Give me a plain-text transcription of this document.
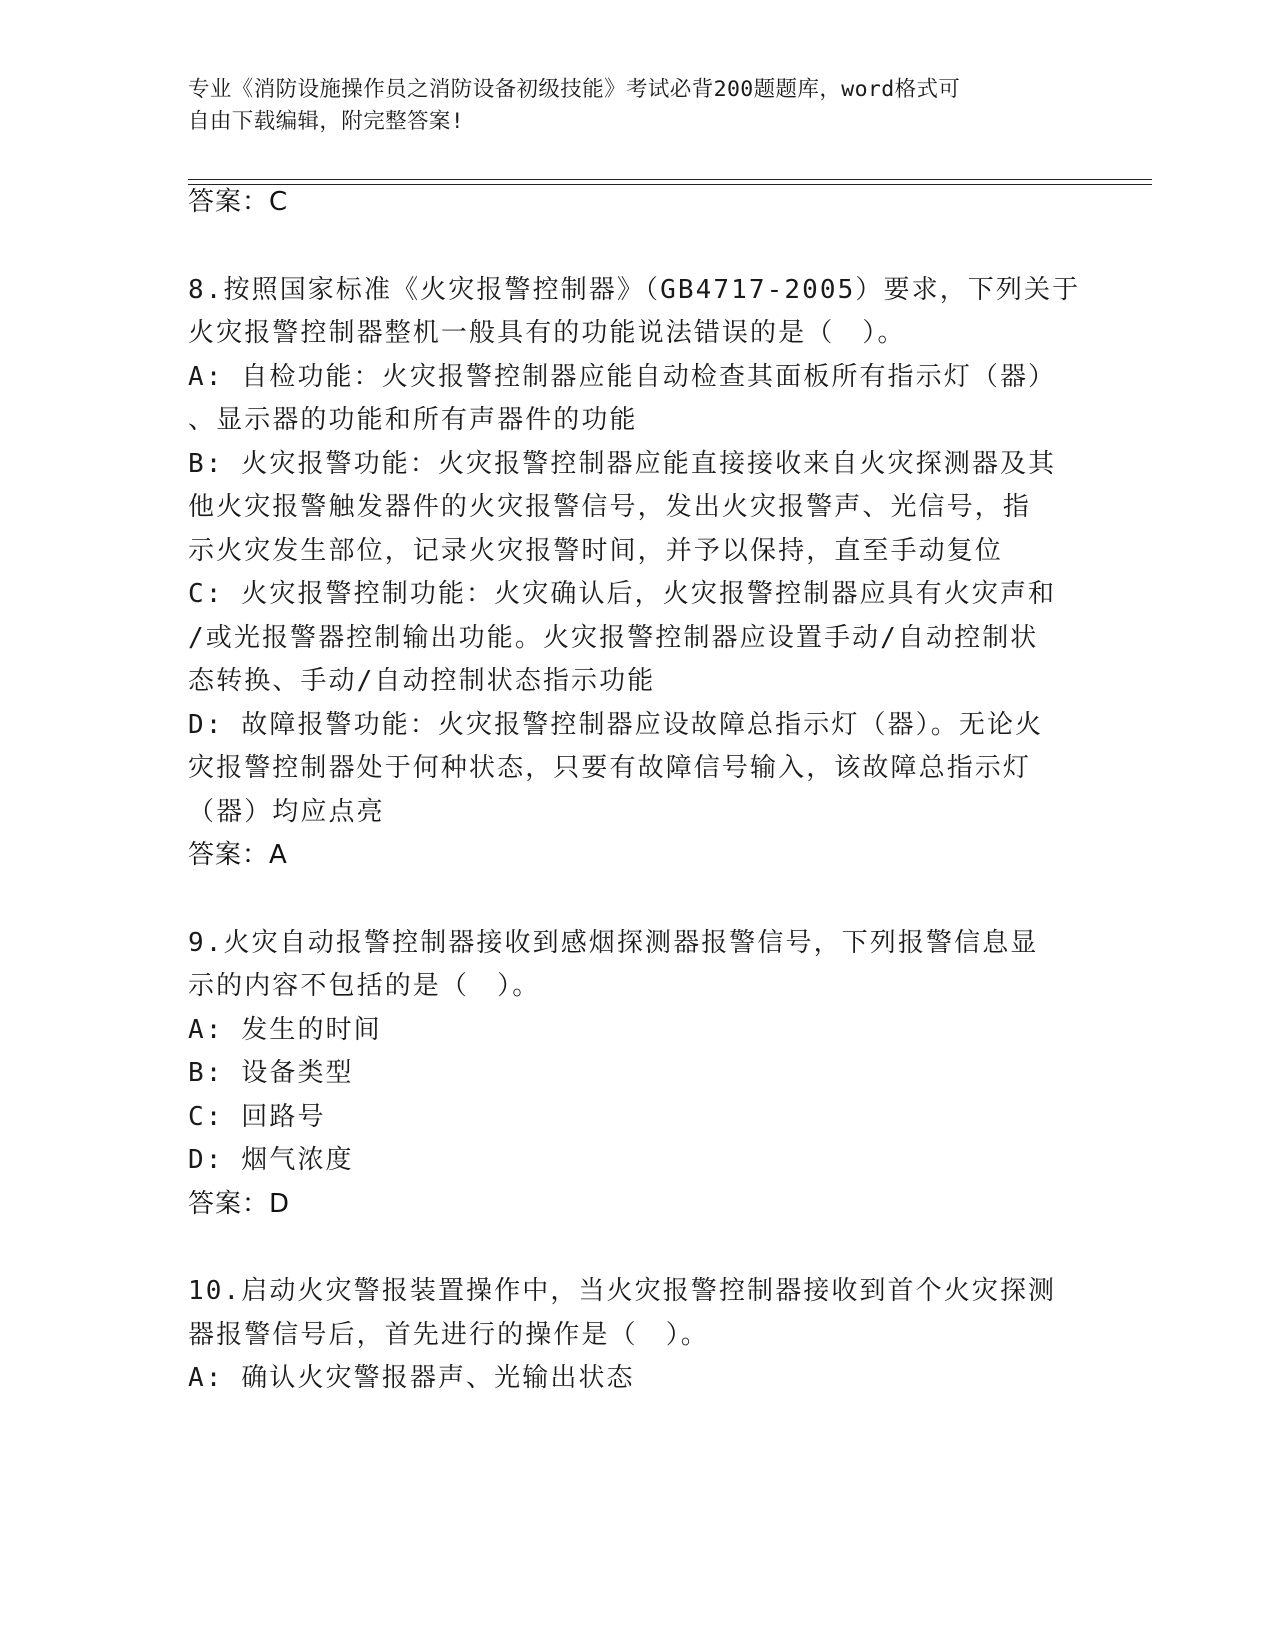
专业《消防设施操作员之消防设备初级技能》考试必背200题题库，word格式可
自由下载编辑，附完整答案!
答案：C
8.按照国家标准《火灾报警控制器》（GB4717-2005）要求，下列关于
火灾报警控制器整机一般具有的功能说法错误的是（　）。
A: 自检功能：火灾报警控制器应能自动检查其面板所有指示灯（器）
、显示器的功能和所有声器件的功能
B: 火灾报警功能：火灾报警控制器应能直接接收来自火灾探测器及其
他火灾报警触发器件的火灾报警信号，发出火灾报警声、光信号，指
示火灾发生部位，记录火灾报警时间，并予以保持，直至手动复位
C: 火灾报警控制功能：火灾确认后，火灾报警控制器应具有火灾声和
/或光报警器控制输出功能。火灾报警控制器应设置手动/自动控制状
态转换、手动/自动控制状态指示功能
D: 故障报警功能：火灾报警控制器应设故障总指示灯（器）。无论火
灾报警控制器处于何种状态，只要有故障信号输入，该故障总指示灯
（器）均应点亮
答案：A
9.火灾自动报警控制器接收到感烟探测器报警信号，下列报警信息显
示的内容不包括的是（　）。
A: 发生的时间
B: 设备类型
C: 回路号
D: 烟气浓度
答案：D
10.启动火灾警报装置操作中，当火灾报警控制器接收到首个火灾探测
器报警信号后，首先进行的操作是（　）。
A: 确认火灾警报器声、光输出状态
